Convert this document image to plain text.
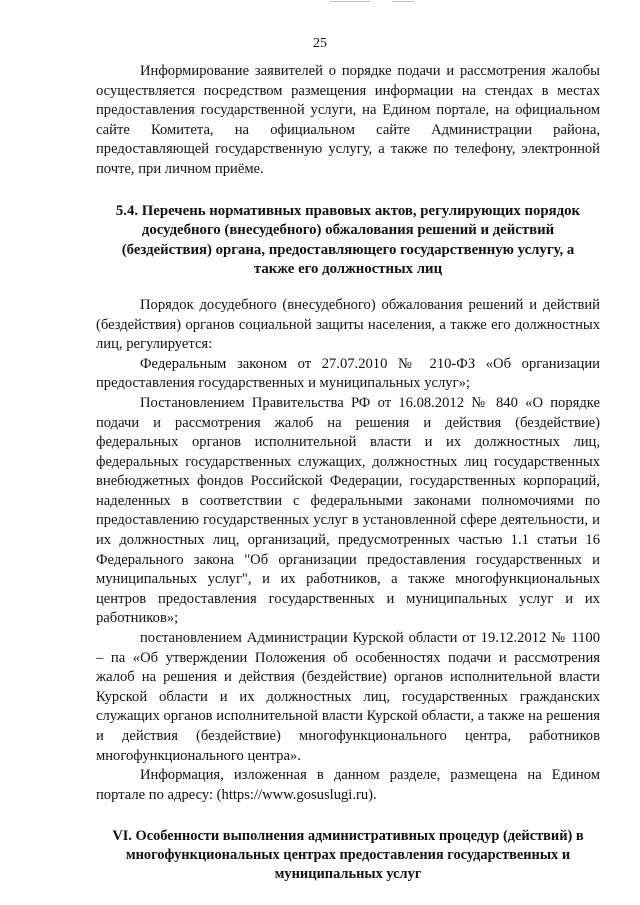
25

Информирование заявителей о порядке подачи и рассмотрения жалобы осуществляется посредством размещения информации на стендах в местах предоставления государственной услуги, на Едином портале, на официальном сайте Комитета, на официальном сайте Администрации района, предоставляющей государственную услугу, а также по телефону, электронной почте, при личном приёме.

5.4. Перечень нормативных правовых актов, регулирующих порядок досудебного (внесудебного) обжалования решений и действий (бездействия) органа, предоставляющего государственную услугу, а также его должностных лиц

Порядок досудебного (внесудебного) обжалования решений и действий (бездействия) органов социальной защиты населения, а также его должностных лиц, регулируется:

Федеральным законом от 27.07.2010 № 210-ФЗ «Об организации предоставления государственных и муниципальных услуг»;

Постановлением Правительства РФ от 16.08.2012 № 840 «О порядке подачи и рассмотрения жалоб на решения и действия (бездействие) федеральных органов исполнительной власти и их должностных лиц, федеральных государственных служащих, должностных лиц государственных внебюджетных фондов Российской Федерации, государственных корпораций, наделенных в соответствии с федеральными законами полномочиями по предоставлению государственных услуг в установленной сфере деятельности, и их должностных лиц, организаций, предусмотренных частью 1.1 статьи 16 Федерального закона "Об организации предоставления государственных и муниципальных услуг", и их работников, а также многофункциональных центров предоставления государственных и муниципальных услуг и их работников»;

постановлением Администрации Курской области от 19.12.2012 № 1100 – па «Об утверждении Положения об особенностях подачи и рассмотрения жалоб на решения и действия (бездействие) органов исполнительной власти Курской области и их должностных лиц, государственных гражданских служащих органов исполнительной власти Курской области, а также на решения и действия (бездействие) многофункционального центра, работников многофункционального центра».

Информация, изложенная в данном разделе, размещена на Едином портале по адресу: (https://www.gosuslugi.ru).

VI. Особенности выполнения административных процедур (действий) в многофункциональных центрах предоставления государственных и муниципальных услуг
